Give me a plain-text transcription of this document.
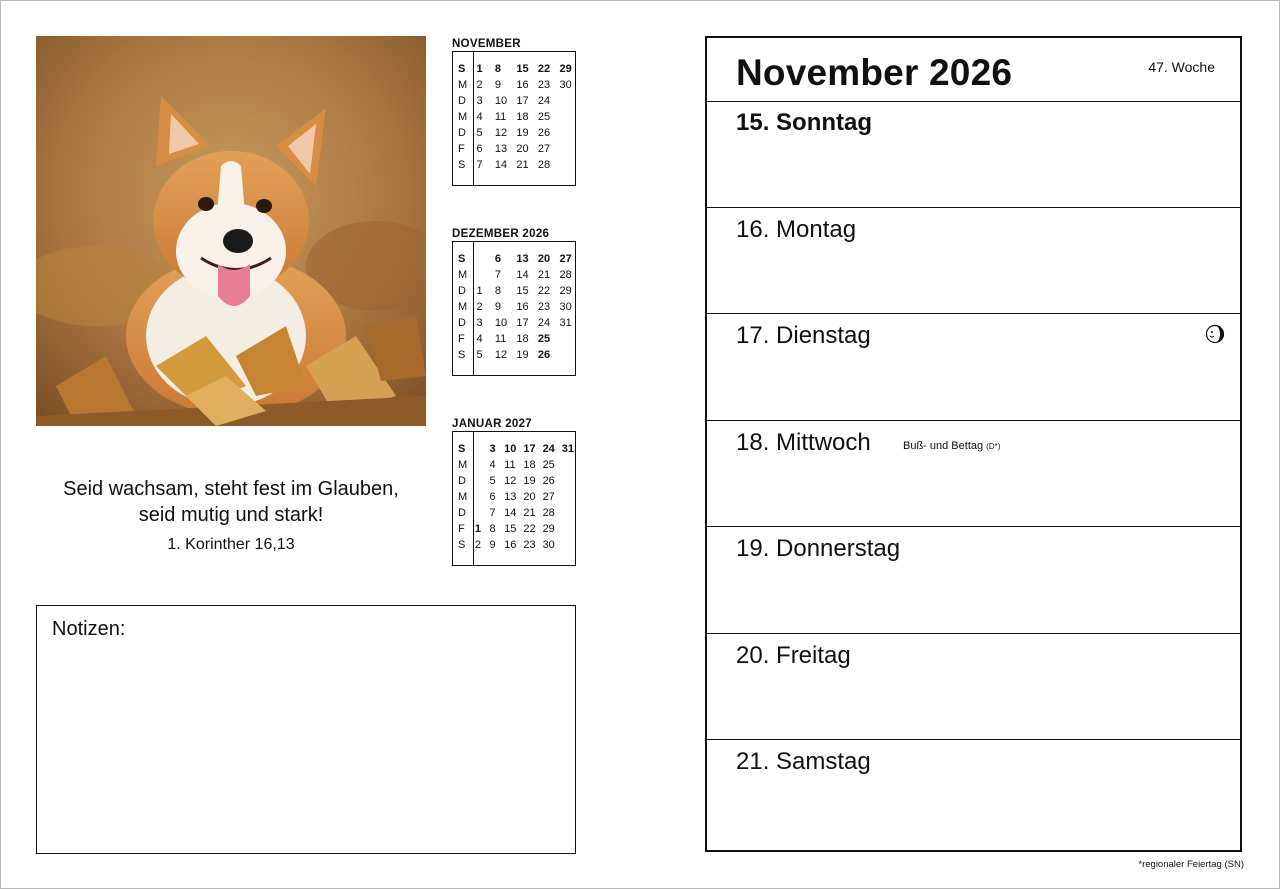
Seid wachsam, steht fest im Glauben,
seid mutig und stark!
1. Korinther 16,13
NOVEMBER
S	1	8	15	22	29
M	2	9	16	23	30
D	3	10	17	24	
M	4	11	18	25	
D	5	12	19	26	
F	6	13	20	27	
S	7	14	21	28	
DEZEMBER 2026
S		6	13	20	27
M		7	14	21	28
D	1	8	15	22	29
M	2	9	16	23	30
D	3	10	17	24	31
F	4	11	18	25	
S	5	12	19	26	
JANUAR 2027
S		3	10	17	24	31
M		4	11	18	25	
D		5	12	19	26	
M		6	13	20	27	
D		7	14	21	28	
F	1	8	15	22	29	
S	2	9	16	23	30	
Notizen:
November 2026	47. Woche
15. Sonntag
16. Montag
17. Dienstag
18. Mittwoch	Buß- und Bettag (D*)
19. Donnerstag
20. Freitag
21. Samstag
*regionaler Feiertag (SN)
